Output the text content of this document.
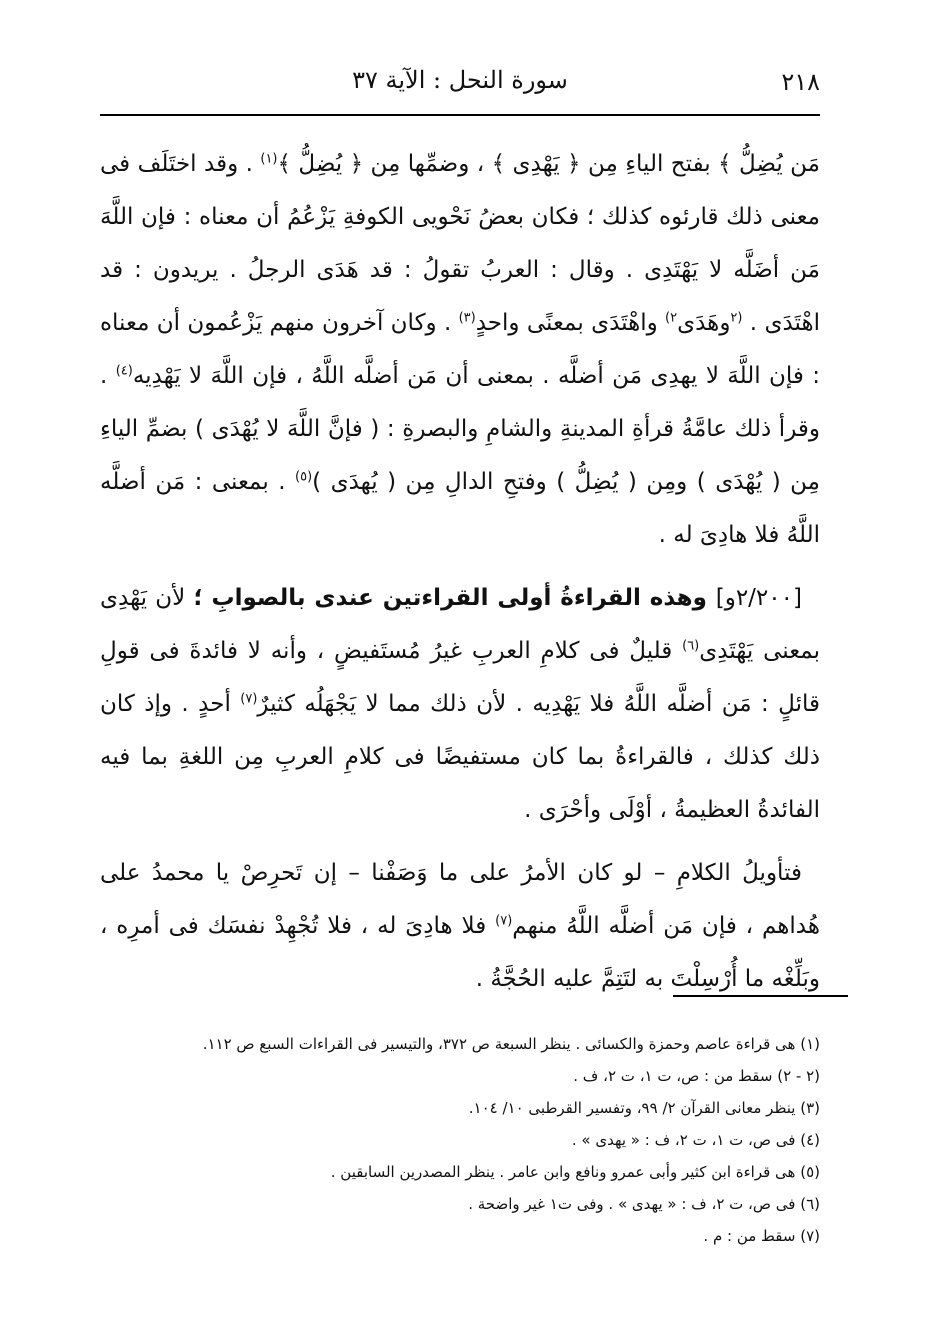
٢١٨
سورة النحل : الآية ٣٧

مَن يُضِلُّ ﴾ بفتح الياءِ مِن ﴿ يَهْدِى ﴾ ، وضمِّها مِن ﴿ يُضِلُّ ﴾$^{(١)}$ . وقد اختَلَف فى معنى ذلك قارئوه كذلك ؛ فكان بعضُ نَحْويى الكوفةِ يَزْعُمُ أن معناه : فإن اللَّهَ مَن أضَلَّه لا يَهْتَدِى . وقال : العربُ تقولُ : قد هَدَى الرجلُ . يريدون : قد اهْتَدَى . $^{(٢}$وهَدَى$^{٢)}$ واهْتَدَى بمعنًى واحدٍ$^{(٣)}$ . وكان آخرون منهم يَزْعُمون أن معناه : فإن اللَّهَ لا يهدِى مَن أضلَّه . بمعنى أن مَن أضلَّه اللَّهُ ، فإن اللَّهَ لا يَهْدِيه$^{(٤)}$ . وقرأ ذلك عامَّةُ قرأةِ المدينةِ والشامِ والبصرةِ : ( فإنَّ اللَّهَ لا يُهْدَى ) بضمِّ الياءِ مِن ( يُهْدَى ) ومِن ( يُضِلُّ ) وفتحِ الدالِ مِن ( يُهدَى )$^{(٥)}$ . بمعنى : مَن أضلَّه اللَّهُ فلا هادِىَ له .

[٢/٢٠٠و] وهذه القراءةُ أولى القراءتين عندى بالصوابِ ؛ لأن يَهْدِى بمعنى يَهْتَدِى$^{(٦)}$ قليلٌ فى كلامِ العربِ غيرُ مُستَفيضٍ ، وأنه لا فائدةَ فى قولِ قائلٍ : مَن أضلَّه اللَّهُ فلا يَهْدِيه . لأن ذلك مما لا يَجْهَلُه كثيرٌ$^{(٧)}$ أحدٍ . وإذ كان ذلك كذلك ، فالقراءةُ بما كان مستفيضًا فى كلامِ العربِ مِن اللغةِ بما فيه الفائدةُ العظيمةُ ، أوْلَى وأحْرَى .

فتأويلُ الكلامِ – لو كان الأمرُ على ما وَصَفْنا – إن تَحرِصْ يا محمدُ على هُداهم ، فإن مَن أضلَّه اللَّهُ منهم$^{(٧)}$ فلا هادِىَ له ، فلا تُجْهِدْ نفسَك فى أمرِه ، وبَلِّغْه ما أُرْسِلْتَ به لتَتِمَّ عليه الحُجَّةُ .

(١) هى قراءة عاصم وحمزة والكسائى . ينظر السبعة ص ٣٧٢، والتيسير فى القراءات السبع ص ١١٢.
(٢ - ٢) سقط من : ص، ت ١، ت ٢، ف .
(٣) ينظر معانى القرآن ٢/ ٩٩، وتفسير القرطبى ١٠/ ١٠٤.
(٤) فى ص، ت ١، ت ٢، ف : « يهدى » .
(٥) هى قراءة ابن كثير وأبى عمرو ونافع وابن عامر . ينظر المصدرين السابقين .
(٦) فى ص، ت ٢، ف : « يهدى » . وفى ت١ غير واضحة .
(٧) سقط من : م .
